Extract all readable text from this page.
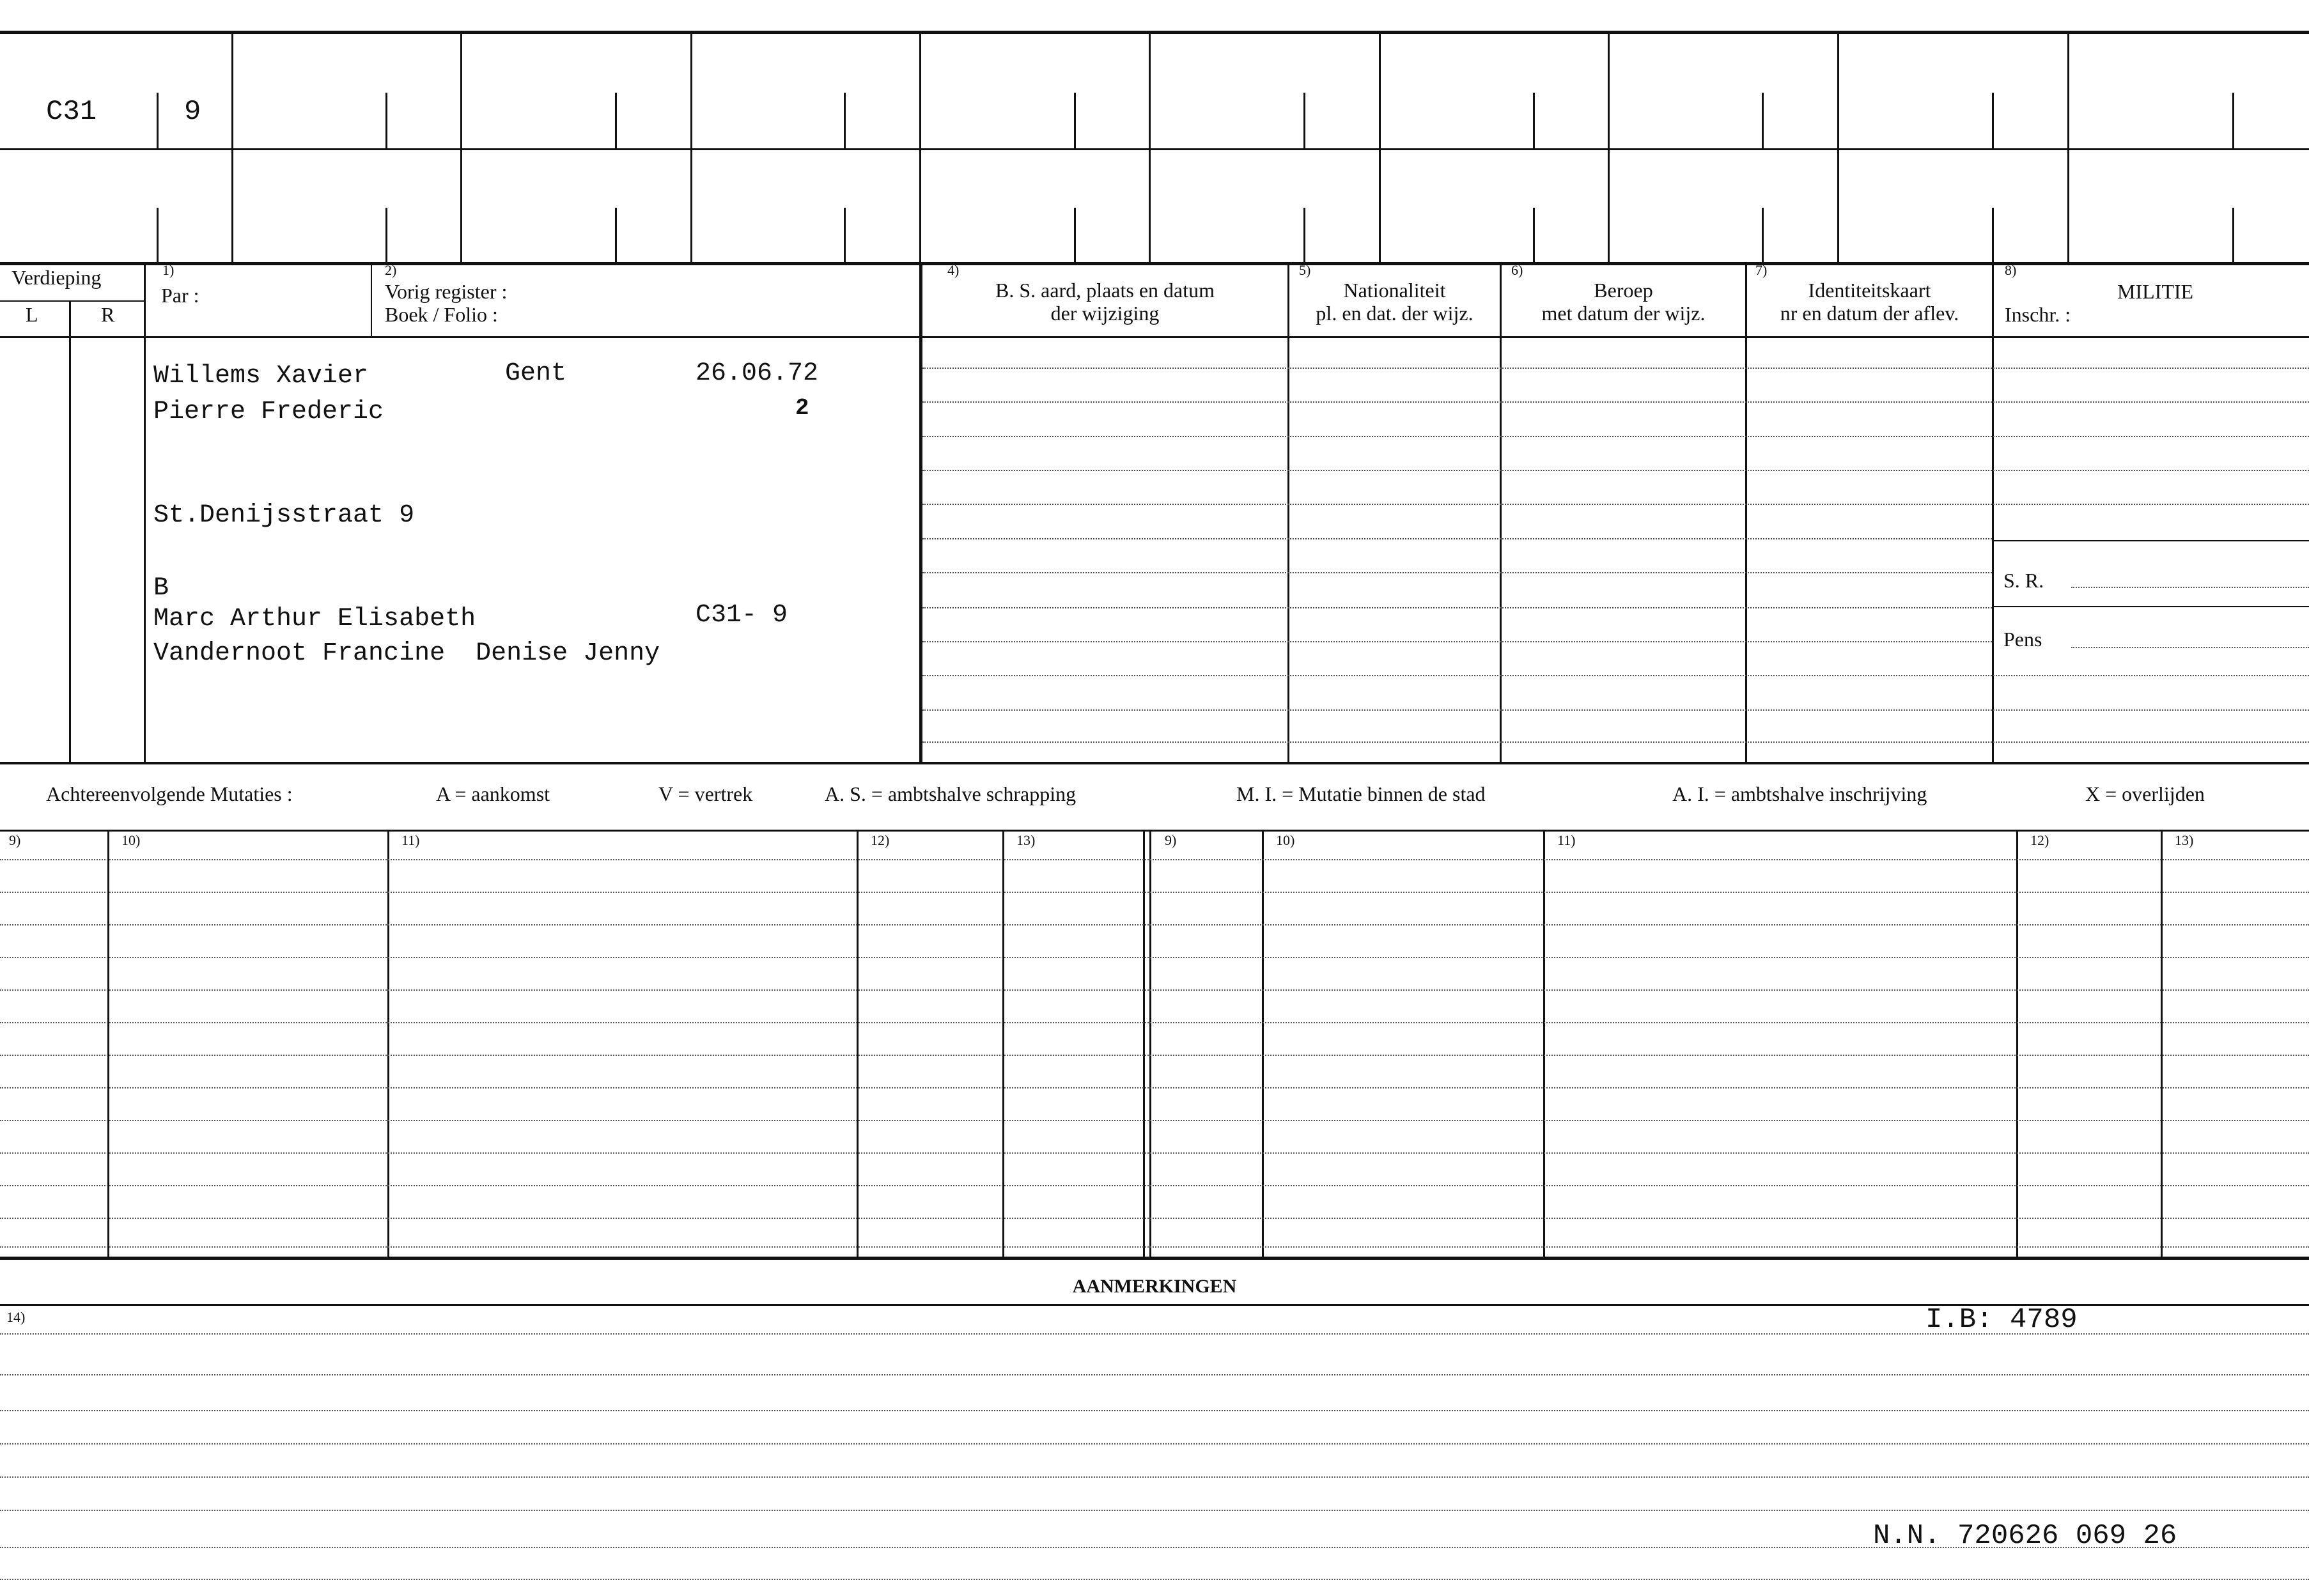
C31	9
Verdieping
L	R
1)
Par :
2)
Vorig register :
Boek / Folio :
4)
B. S. aard, plaats en datum
der wijziging
5)
Nationaliteit
pl. en dat. der wijz.
6)
Beroep
met datum der wijz.
7)
Identiteitskaart
nr en datum der aflev.
8)
MILITIE
Inschr. :
S. R.
Pens
Willems Xavier	Gent	26.06.72
Pierre Frederic	2
St.Denijsstraat 9
B
Marc Arthur Elisabeth	C31- 9
Vandernoot Francine  Denise Jenny
Achtereenvolgende Mutaties :	A = aankomst	V = vertrek	A. S. = ambtshalve schrapping	M. I. = Mutatie binnen de stad	A. I. = ambtshalve inschrijving	X = overlijden
9)	10)	11)	12)	13)	9)	10)	11)	12)	13)
AANMERKINGEN
14)	I.B: 4789
N.N. 720626 069 26
